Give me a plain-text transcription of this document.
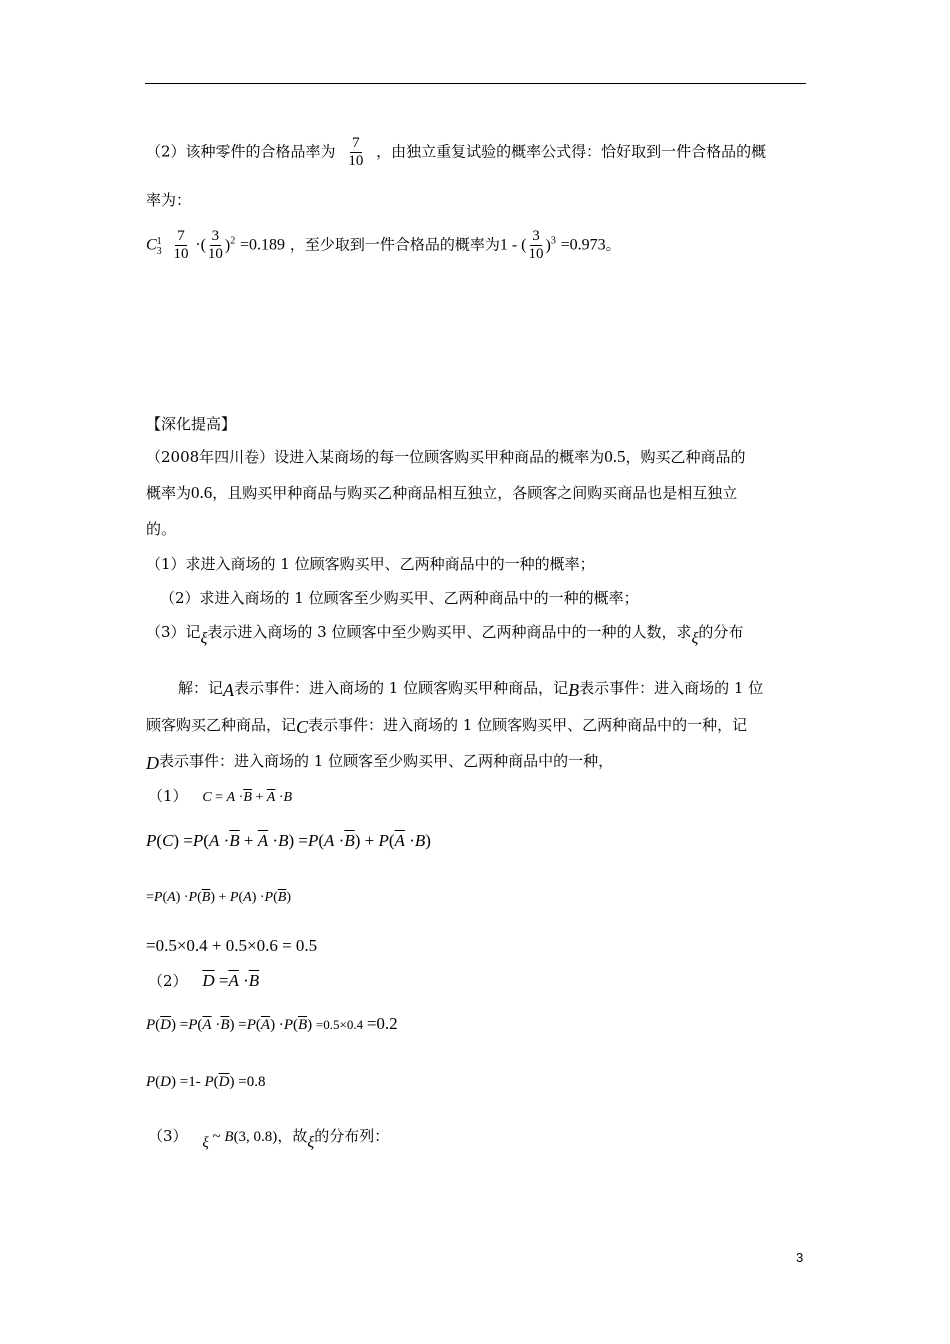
（2）该种零件的合格品率为 $\frac{7}{10}$ ，由独立重复试验的概率公式得：恰好取到一件合格品的概
率为：
$C^1_3 \frac{7}{10}$ ·( $\frac{3}{10} )^2 =0.189$ ，至少取到一件合格品的概率为1 - ( $\frac{3}{10} )^3 =0.973$。
【深化提高】
（2008年四川卷）设进入某商场的每一位顾客购买甲种商品的概率为0.5，购买乙种商品的
概率为0.6，且购买甲种商品与购买乙种商品相互独立，各顾客之间购买商品也是相互独立
的。
（1）求进入商场的 1 位顾客购买甲、乙两种商品中的一种的概率；
（2）求进入商场的 1 位顾客至少购买甲、乙两种商品中的一种的概率；
（3）记ξ表示进入商场的 3 位顾客中至少购买甲、乙两种商品中的一种的人数，求ξ的分布
解：记A表示事件：进入商场的 1 位顾客购买甲种商品，记B表示事件：进入商场的 1 位
顾客购买乙种商品，记C表示事件：进入商场的 1 位顾客购买甲、乙两种商品中的一种，记
D表示事件：进入商场的 1 位顾客至少购买甲、乙两种商品中的一种，
（1） $C = A \cdot\overline{B} + \overline{A} \cdot B$
$P(C) =P(A \cdot\overline{B} + \overline{A} \cdot B) =P(A \cdot\overline{B}) + P(\overline{A} \cdot B)$
$=P(A) \cdot P(\overline{B}) + P(A) \cdot P(\overline{B})$
=0.5×0.4 + 0.5×0.6 = 0.5
（2） $\overline{D} =\overline{A} \cdot\overline{B}$
$P(\overline{D}) =P(\overline{A} \cdot\overline{B}) =P(\overline{A}) \cdot P(\overline{B}) =0.5\times 0.4 =0.2$
P(D) =1- $P(\overline{D}) =0.8$
（3） ξ ~ B(3, 0.8)，故ξ的分布列：
3
